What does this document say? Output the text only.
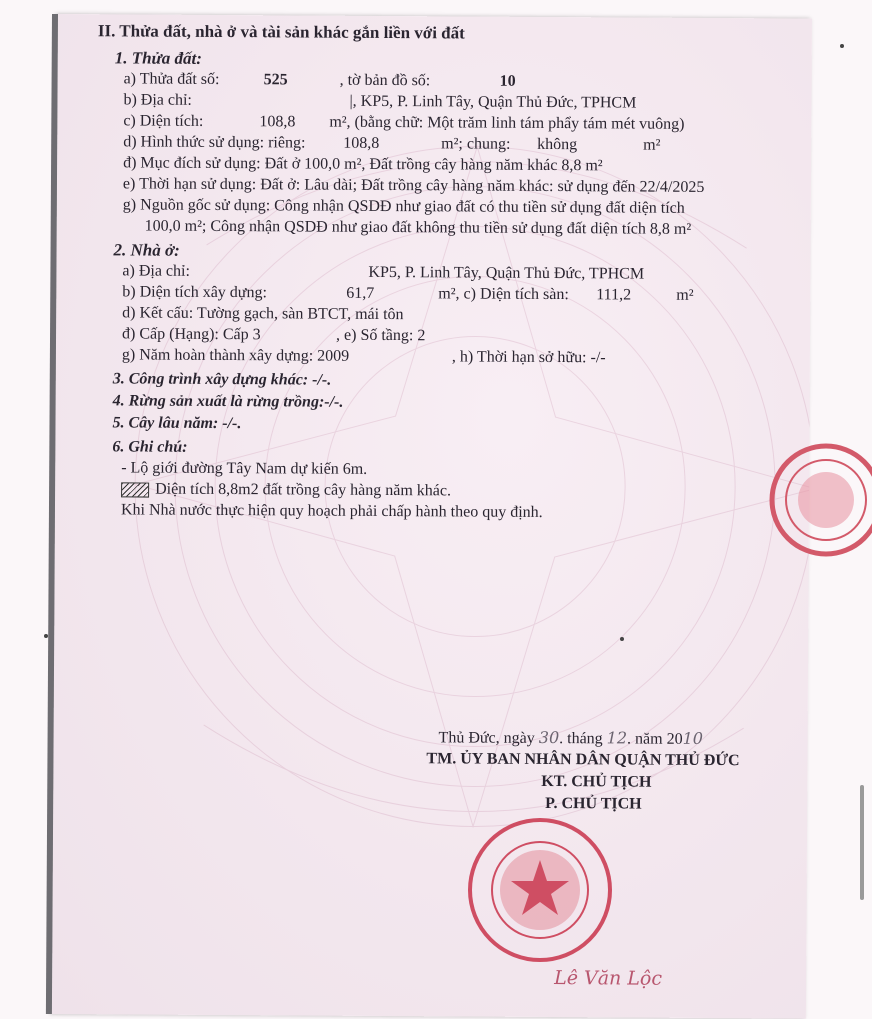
II. Thửa đất, nhà ở và tài sản khác gắn liền với đất
1. Thửa đất:
a) Thửa đất số:	525	, tờ bản đồ số:	10
b) Địa chỉ:	|, KP5, P. Linh Tây, Quận Thủ Đức, TPHCM
c) Diện tích:	108,8 m², (bằng chữ: Một trăm linh tám phẩy tám mét vuông)
d) Hình thức sử dụng: riêng: 108,8	m²; chung: không	m²
đ) Mục đích sử dụng: Đất ở 100,0 m², Đất trồng cây hàng năm khác 8,8 m²
e) Thời hạn sử dụng: Đất ở: Lâu dài; Đất trồng cây hàng năm khác: sử dụng đến 22/4/2025
g) Nguồn gốc sử dụng: Công nhận QSDĐ như giao đất có thu tiền sử dụng đất diện tích
100,0 m²; Công nhận QSDĐ như giao đất không thu tiền sử dụng đất diện tích 8,8 m²
2. Nhà ở:
a) Địa chỉ:	KP5, P. Linh Tây, Quận Thủ Đức, TPHCM
b) Diện tích xây dựng:	61,7	m², c) Diện tích sàn: 111,2	m²
d) Kết cấu: Tường gạch, sàn BTCT, mái tôn
đ) Cấp (Hạng): Cấp 3	, e) Số tầng: 2
g) Năm hoàn thành xây dựng: 2009	, h) Thời hạn sở hữu: -/-
3. Công trình xây dựng khác: -/-.
4. Rừng sản xuất là rừng trồng:-/-.
5. Cây lâu năm: -/-.
6. Ghi chú:
- Lộ giới đường Tây Nam dự kiến 6m.
Diện tích 8,8m2 đất trồng cây hàng năm khác.
Khi Nhà nước thực hiện quy hoạch phải chấp hành theo quy định.
Thủ Đức, ngày 30. tháng 12. năm 2010
TM. ỦY BAN NHÂN DÂN QUẬN THỦ ĐỨC
KT. CHỦ TỊCH
P. CHỦ TỊCH
Lê Văn Lộc
